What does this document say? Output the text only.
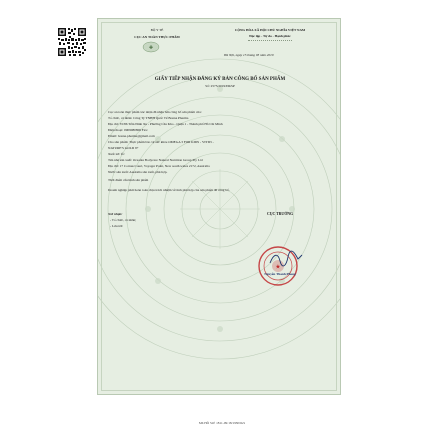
BỘ Y TẾ
CỤC AN TOÀN THỰC PHẨM
✚
CỘNG HÒA XÃ HỘI CHỦ NGHĨA VIỆT NAM
Độc lập - Tự do - Hạnh phúc
Hà Nội, ngày 15 tháng 03 năm 2019
GIẤY TIẾP NHẬN ĐĂNG KÝ BẢN CÔNG BỐ SẢN PHẨM
Số: 2575/2019/ĐKSP
Cục an toàn thực phẩm xác nhận đã nhận bản công bố sản phẩm của:
Tổ chức, cá nhân: Công Ty TNHH Quốc Tế Bonna Pharma
Địa chỉ: 35/86 Trần Đình Xu - Phường Cầu Kho - Quận 1 - Thành phố Hồ Chí Minh
Điện thoại: 0909080806 Fax:
Email: bonna.pharma@gmail.com
Cho sản phẩm: Thực phẩm bảo vệ sức khỏe OMEGA 3 FOR KIDS - VITD3 -
NATURE'S GOLD 9+
Xuất xứ: Úc
Tên nhà sản xuất: Oceania Bodycare Natural Nutrition Group Pty Ltd
Địa chỉ: 17 Cornus Court, Voyager Point, New south wales 2172, Australia
Nước sản xuất: Australia sản xuất, phù hợp.
Thời điểm cấu hình sản phẩm
Doanh nghiệp phải hoàn toàn chịu trách nhiệm về tính phù hợp của sản phẩm đã công bố.
Nơi nhận:
- Tổ chức, cá nhân;
- Lưu trữ.
CỤC TRƯỞNG
★
Nguyễn Thanh Phong
Mã HỒ SƠ: 1811-09/18/19NDGS
